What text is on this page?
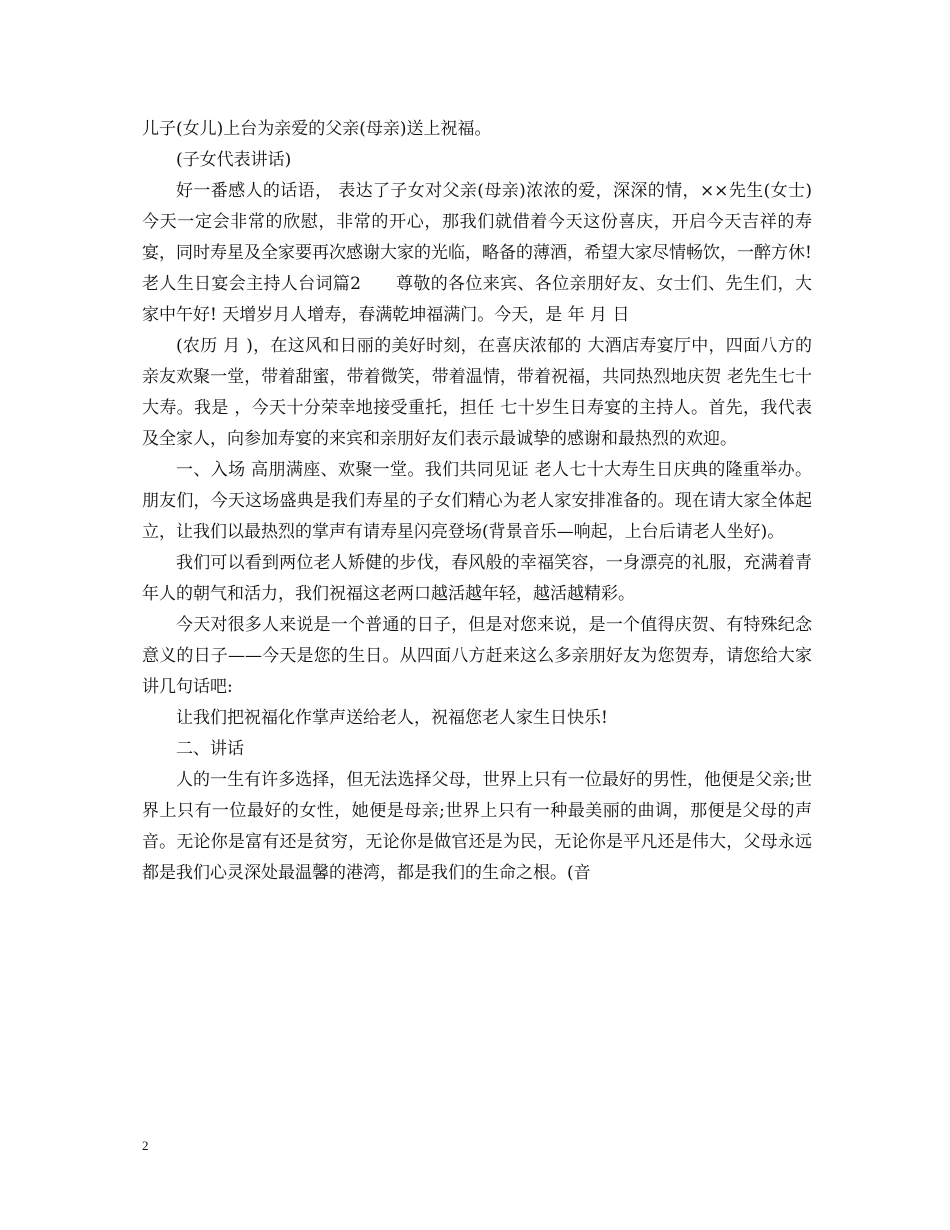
儿子(女儿)上台为亲爱的父亲(母亲)送上祝福。

(子女代表讲话)

好一番感人的话语， 表达了子女对父亲(母亲)浓浓的爱，深深的情，××先生(女士)今天一定会非常的欣慰，非常的开心，那我们就借着今天这份喜庆，开启今天吉祥的寿宴，同时寿星及全家要再次感谢大家的光临，略备的薄酒，希望大家尽情畅饮，一醉方休!

老人生日宴会主持人台词篇2　　尊敬的各位来宾、各位亲朋好友、女士们、先生们，大家中午好! 天增岁月人增寿，春满乾坤福满门。今天，是 年 月 日

(农历 月 )，在这风和日丽的美好时刻，在喜庆浓郁的 大酒店寿宴厅中，四面八方的亲友欢聚一堂，带着甜蜜，带着微笑，带着温情，带着祝福，共同热烈地庆贺 老先生七十大寿。我是 ，今天十分荣幸地接受重托，担任 七十岁生日寿宴的主持人。首先，我代表 及全家人，向参加寿宴的来宾和亲朋好友们表示最诚挚的感谢和最热烈的欢迎。

一、入场 高朋满座、欢聚一堂。我们共同见证 老人七十大寿生日庆典的隆重举办。朋友们，今天这场盛典是我们寿星的子女们精心为老人家安排准备的。现在请大家全体起立，让我们以最热烈的掌声有请寿星闪亮登场(背景音乐—响起，上台后请老人坐好)。

我们可以看到两位老人矫健的步伐，春风般的幸福笑容，一身漂亮的礼服，充满着青年人的朝气和活力，我们祝福这老两口越活越年轻，越活越精彩。

今天对很多人来说是一个普通的日子，但是对您来说，是一个值得庆贺、有特殊纪念意义的日子——今天是您的生日。从四面八方赶来这么多亲朋好友为您贺寿，请您给大家讲几句话吧:

让我们把祝福化作掌声送给老人，祝福您老人家生日快乐!

二、讲话

人的一生有许多选择，但无法选择父母，世界上只有一位最好的男性，他便是父亲;世界上只有一位最好的女性，她便是母亲;世界上只有一种最美丽的曲调，那便是父母的声音。无论你是富有还是贫穷，无论你是做官还是为民，无论你是平凡还是伟大，父母永远都是我们心灵深处最温馨的港湾，都是我们的生命之根。(音

2
